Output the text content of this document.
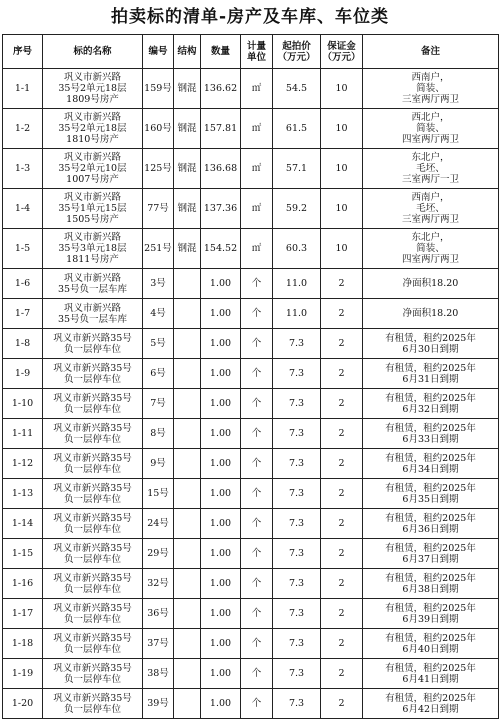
拍卖标的清单-房产及车库、车位类
序号	标的名称	编号	结构	数量	计量
单位	起拍价
（万元）	保证金
（万元）	备注
1-1	巩义市新兴路
35号2单元18层
1809号房产	159号	钢混	136.62	㎡	54.5	10	西南户，
简装、
三室两厅两卫
1-2	巩义市新兴路
35号2单元18层
1810号房产	160号	钢混	157.81	㎡	61.5	10	西北户，
简装、
四室两厅两卫
1-3	巩义市新兴路
35号2单元10层
1007号房产	125号	钢混	136.68	㎡	57.1	10	东北户，
毛坯、
三室两厅一卫
1-4	巩义市新兴路
35号1单元15层
1505号房产	77号	钢混	137.36	㎡	59.2	10	西南户，
毛坯、
三室两厅两卫
1-5	巩义市新兴路
35号3单元18层
1811号房产	251号	钢混	154.52	㎡	60.3	10	东北户，
简装、
四室两厅两卫
1-6	巩义市新兴路
35号负一层车库	3号		1.00	个	11.0	2	净面积18.20
1-7	巩义市新兴路
35号负一层车库	4号		1.00	个	11.0	2	净面积18.20
1-8	巩义市新兴路35号
负一层停车位	5号		1.00	个	7.3	2	有租赁，租约2025年
6月30日到期
1-9	巩义市新兴路35号
负一层停车位	6号		1.00	个	7.3	2	有租赁，租约2025年
6月31日到期
1-10	巩义市新兴路35号
负一层停车位	7号		1.00	个	7.3	2	有租赁，租约2025年
6月32日到期
1-11	巩义市新兴路35号
负一层停车位	8号		1.00	个	7.3	2	有租赁，租约2025年
6月33日到期
1-12	巩义市新兴路35号
负一层停车位	9号		1.00	个	7.3	2	有租赁，租约2025年
6月34日到期
1-13	巩义市新兴路35号
负一层停车位	15号		1.00	个	7.3	2	有租赁，租约2025年
6月35日到期
1-14	巩义市新兴路35号
负一层停车位	24号		1.00	个	7.3	2	有租赁，租约2025年
6月36日到期
1-15	巩义市新兴路35号
负一层停车位	29号		1.00	个	7.3	2	有租赁，租约2025年
6月37日到期
1-16	巩义市新兴路35号
负一层停车位	32号		1.00	个	7.3	2	有租赁，租约2025年
6月38日到期
1-17	巩义市新兴路35号
负一层停车位	36号		1.00	个	7.3	2	有租赁，租约2025年
6月39日到期
1-18	巩义市新兴路35号
负一层停车位	37号		1.00	个	7.3	2	有租赁，租约2025年
6月40日到期
1-19	巩义市新兴路35号
负一层停车位	38号		1.00	个	7.3	2	有租赁，租约2025年
6月41日到期
1-20	巩义市新兴路35号
负一层停车位	39号		1.00	个	7.3	2	有租赁，租约2025年
6月42日到期
